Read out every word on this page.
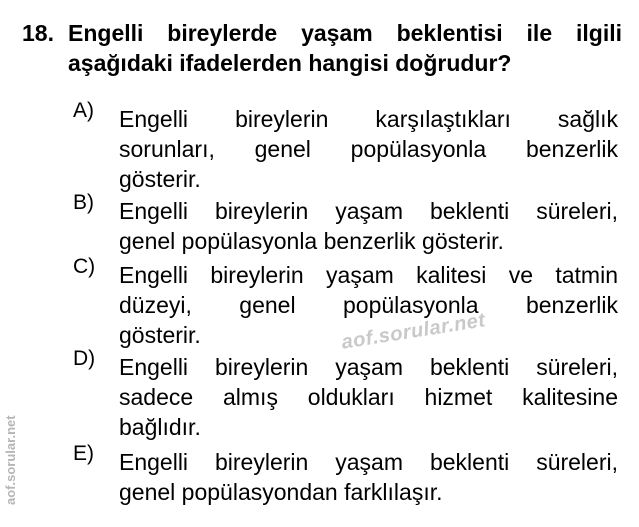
18. Engelli bireylerde yaşam beklentisi ile ilgili
aşağıdaki ifadelerden hangisi doğrudur?
A) Engelli bireylerin karşılaştıkları sağlık
sorunları, genel popülasyonla benzerlik
gösterir.
B) Engelli bireylerin yaşam beklenti süreleri,
genel popülasyonla benzerlik gösterir.
C) Engelli bireylerin yaşam kalitesi ve tatmin
düzeyi, genel popülasyonla benzerlik
gösterir.
D) Engelli bireylerin yaşam beklenti süreleri,
sadece almış oldukları hizmet kalitesine
bağlıdır.
E) Engelli bireylerin yaşam beklenti süreleri,
genel popülasyondan farklılaşır.
aof.sorular.net
aof.sorular.net
